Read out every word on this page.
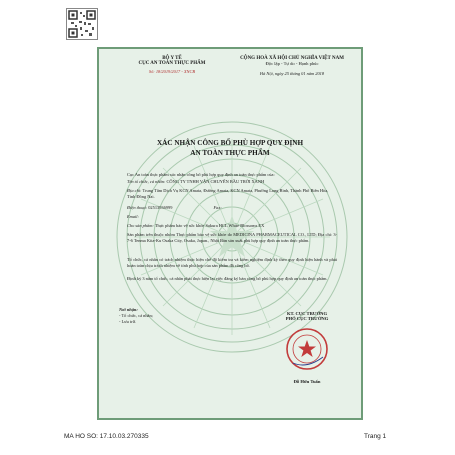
BỘ Y TẾ
CỤC AN TOÀN THỰC PHẨM
Số: 18/2019/2017 - XNCB
CỘNG HOÀ XÃ HỘI CHỦ NGHĨA VIỆT NAM
Độc lập - Tự do - Hạnh phúc
Hà Nội, ngày 25 tháng 01 năm 2018
XÁC NHẬN CÔNG BỐ PHÙ HỢP QUY ĐỊNH
AN TOÀN THỰC PHẨM
Cục An toàn thực phẩm xác nhận công bố phù hợp quy định an toàn thực phẩm của:
Tên tổ chức, cá nhân: CÔNG TY TNHH VẬN CHUYỂN BẦU TRỜI XANH
Địa chỉ: Trung Tâm Dịch Vụ KCN Amata, Đường Amata, KCN Amata, Phường Long Bình, Thành Phố Biên Hòa, Tỉnh Đồng Nai.
Điện thoại: 02513936999	Fax:
Email:
Cho sản phẩm: Thực phẩm bảo vệ sức khỏe Sakura HCL White Blossoms EX
Sản phẩm trên thuộc nhóm Thực phẩm bảo vệ sức khỏe do MEDICINA PHARMACEUTICAL CO., LTD; Địa chỉ: 3-7-6 Tenma Kita-Ku Osaka City, Osaka, Japan., Nhật Bản sản xuất phù hợp quy định an toàn thực phẩm.
Tổ chức, cá nhân có trách nhiệm thực hiện chế độ kiểm tra và kiểm nghiệm định kỳ theo quy định hiện hành và phải hoàn toàn chịu trách nhiệm về tính phù hợp của sản phẩm đã công bố.
Định kỳ 3 năm tổ chức, cá nhân phải thực hiện lại việc đăng ký bản công bố phù hợp quy định an toàn thực phẩm.
Nơi nhận:
- Tổ chức, cá nhân;
- Lưu trữ.
KT. CỤC TRƯỞNG
PHÓ CỤC TRƯỞNG
Đỗ Hữu Tuấn
MA HO SO: 17.10.03.270335	Trang 1
